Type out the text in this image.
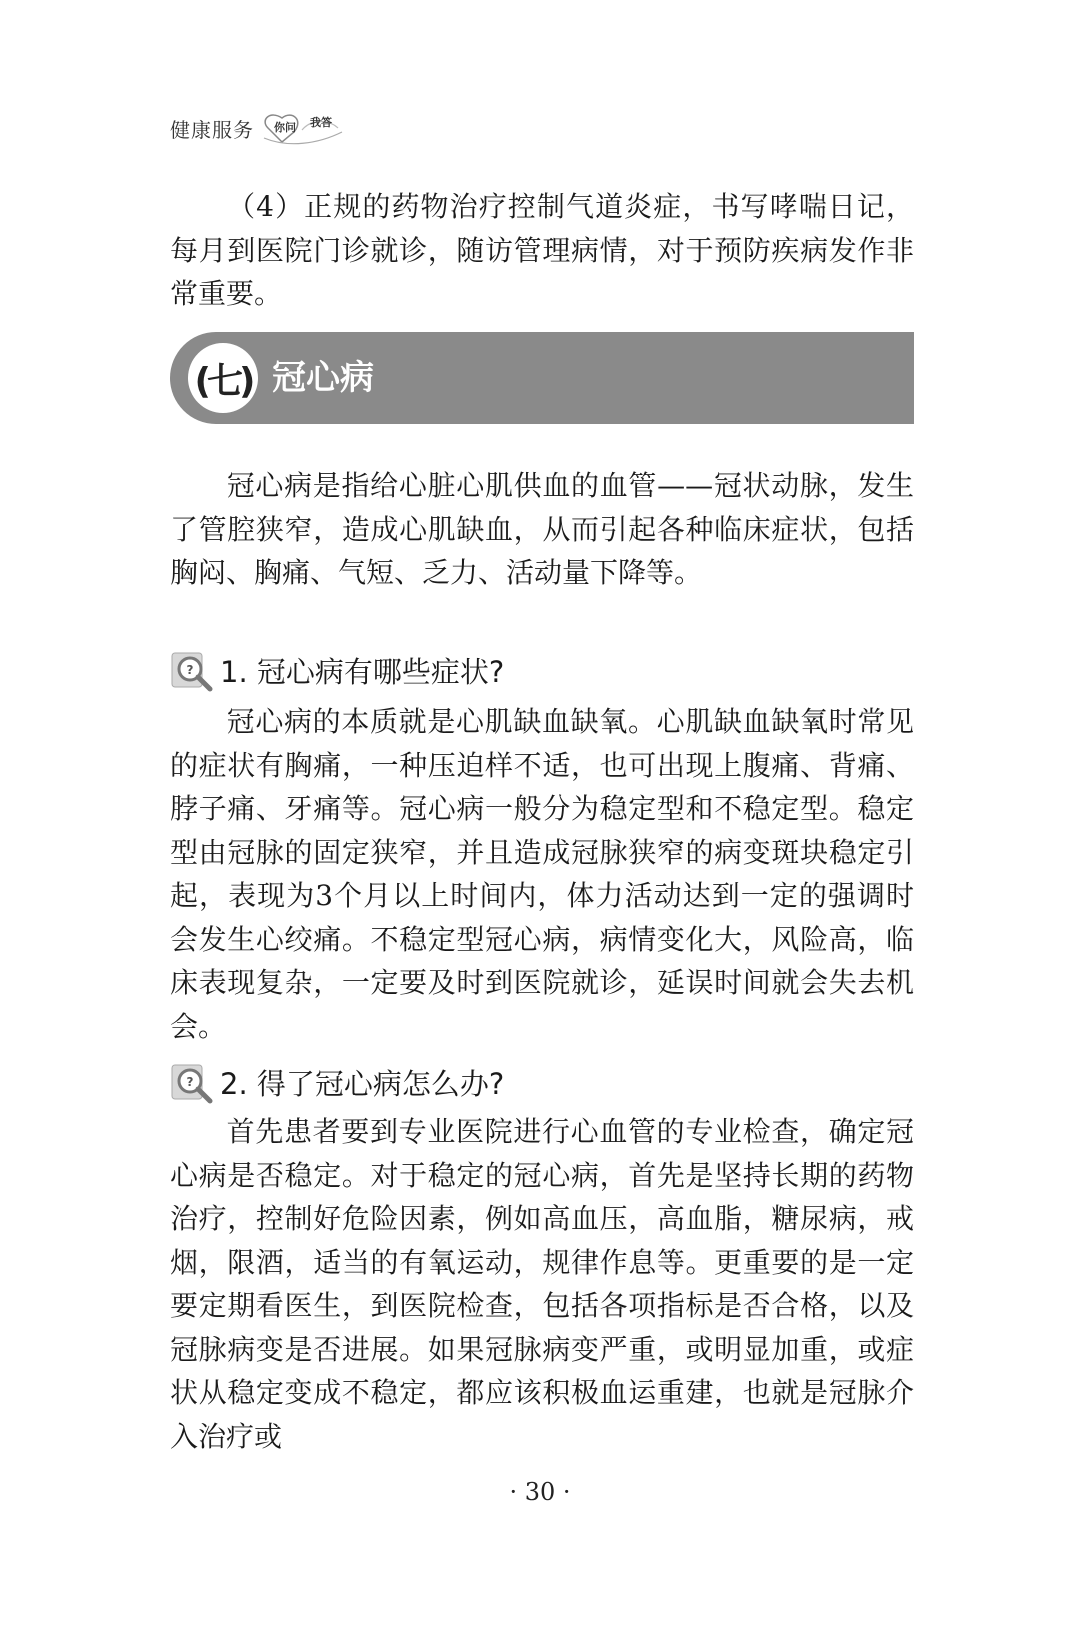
健康服务 你问 我答

（4）正规的药物治疗控制气道炎症，书写哮喘日记，每月到医院门诊就诊，随访管理病情，对于预防疾病发作非常重要。

(七) 冠心病

冠心病是指给心脏心肌供血的血管——冠状动脉，发生了管腔狭窄，造成心肌缺血，从而引起各种临床症状，包括胸闷、胸痛、气短、乏力、活动量下降等。

? 1. 冠心病有哪些症状?

冠心病的本质就是心肌缺血缺氧。心肌缺血缺氧时常见的症状有胸痛，一种压迫样不适，也可出现上腹痛、背痛、脖子痛、牙痛等。冠心病一般分为稳定型和不稳定型。稳定型由冠脉的固定狭窄，并且造成冠脉狭窄的病变斑块稳定引起，表现为3个月以上时间内，体力活动达到一定的强调时会发生心绞痛。不稳定型冠心病，病情变化大，风险高，临床表现复杂，一定要及时到医院就诊，延误时间就会失去机会。

? 2. 得了冠心病怎么办?

首先患者要到专业医院进行心血管的专业检查，确定冠心病是否稳定。对于稳定的冠心病，首先是坚持长期的药物治疗，控制好危险因素，例如高血压，高血脂，糖尿病，戒烟，限酒，适当的有氧运动，规律作息等。更重要的是一定要定期看医生，到医院检查，包括各项指标是否合格，以及冠脉病变是否进展。如果冠脉病变严重，或明显加重，或症状从稳定变成不稳定，都应该积极血运重建，也就是冠脉介入治疗或

· 30 ·
